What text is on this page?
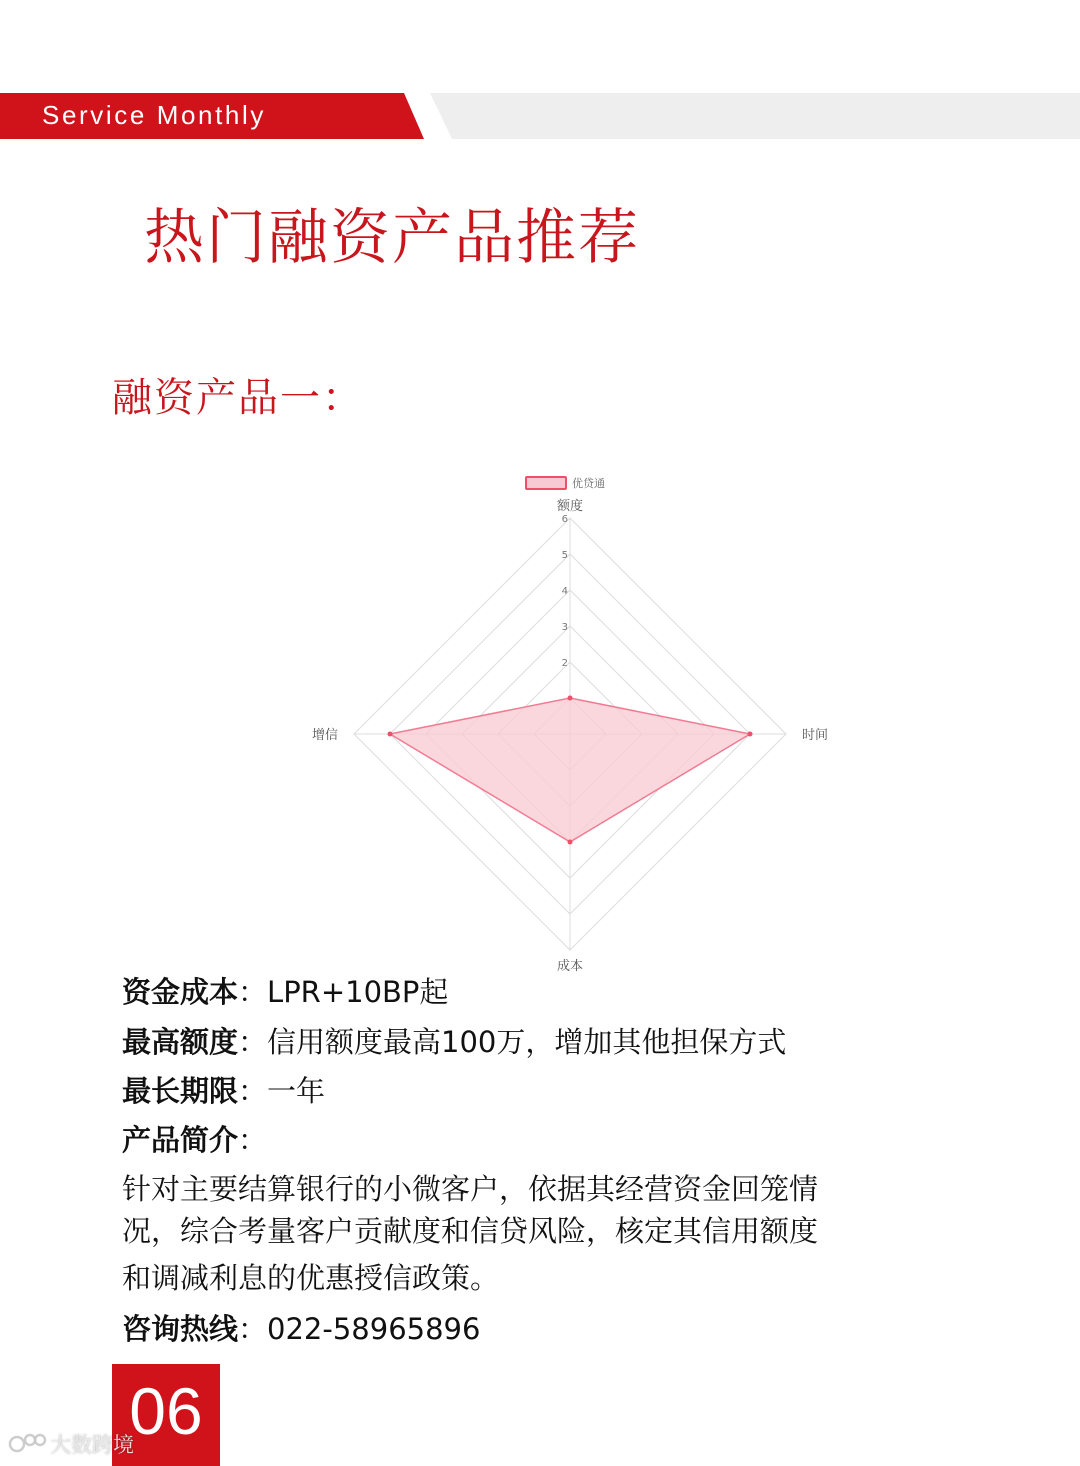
Service Monthly
热门融资产品推荐
融资产品一：
2
3
4
5
6
额度
时间
成本
增信
优贷通
资金成本：LPR+10BP起
最高额度：信用额度最高100万，增加其他担保方式
最长期限：一年
产品简介：
针对主要结算银行的小微客户，依据其经营资金回笼情
况，综合考量客户贡献度和信贷风险，核定其信用额度
和调减利息的优惠授信政策。
咨询热线：022-58965896
06
大数跨境
